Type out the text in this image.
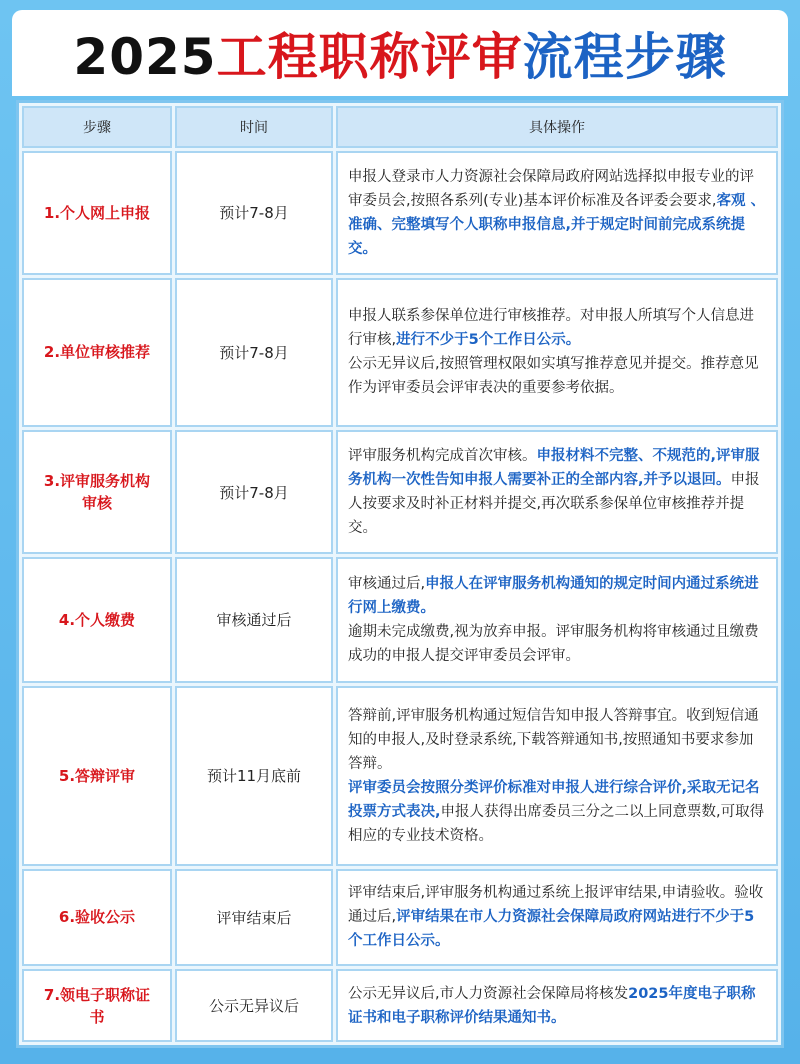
2025工程职称评审流程步骤
步骤	时间	具体操作
1.个人网上申报	预计7-8月	申报人登录市人力资源社会保障局政府网站选择拟申报专业的评审委员会,按照各系列(专业)基本评价标准及各评委会要求,客观 、准确、完整填写个人职称申报信息,并于规定时间前完成系统提交。
2.单位审核推荐	预计7-8月	申报人联系参保单位进行审核推荐。对申报人所填写个人信息进行审核,进行不少于5个工作日公示。
公示无异议后,按照管理权限如实填写推荐意见并提交。推荐意见作为评审委员会评审表决的重要参考依据。
3.评审服务机构审核	预计7-8月	评审服务机构完成首次审核。申报材料不完整、不规范的,评审服务机构一次性告知申报人需要补正的全部内容,并予以退回。申报人按要求及时补正材料并提交,再次联系参保单位审核推荐并提交。
4.个人缴费	审核通过后	审核通过后,申报人在评审服务机构通知的规定时间内通过系统进行网上缴费。
逾期未完成缴费,视为放弃申报。评审服务机构将审核通过且缴费成功的申报人提交评审委员会评审。
5.答辩评审	预计11月底前	答辩前,评审服务机构通过短信告知申报人答辩事宜。收到短信通知的申报人,及时登录系统,下载答辩通知书,按照通知书要求参加答辩。
评审委员会按照分类评价标准对申报人进行综合评价,采取无记名投票方式表决,申报人获得出席委员三分之二以上同意票数,可取得相应的专业技术资格。
6.验收公示	评审结束后	评审结束后,评审服务机构通过系统上报评审结果,申请验收。验收通过后,评审结果在市人力资源社会保障局政府网站进行不少于5个工作日公示。
7.领电子职称证书	公示无异议后	公示无异议后,市人力资源社会保障局将核发2025年度电子职称证书和电子职称评价结果通知书。
